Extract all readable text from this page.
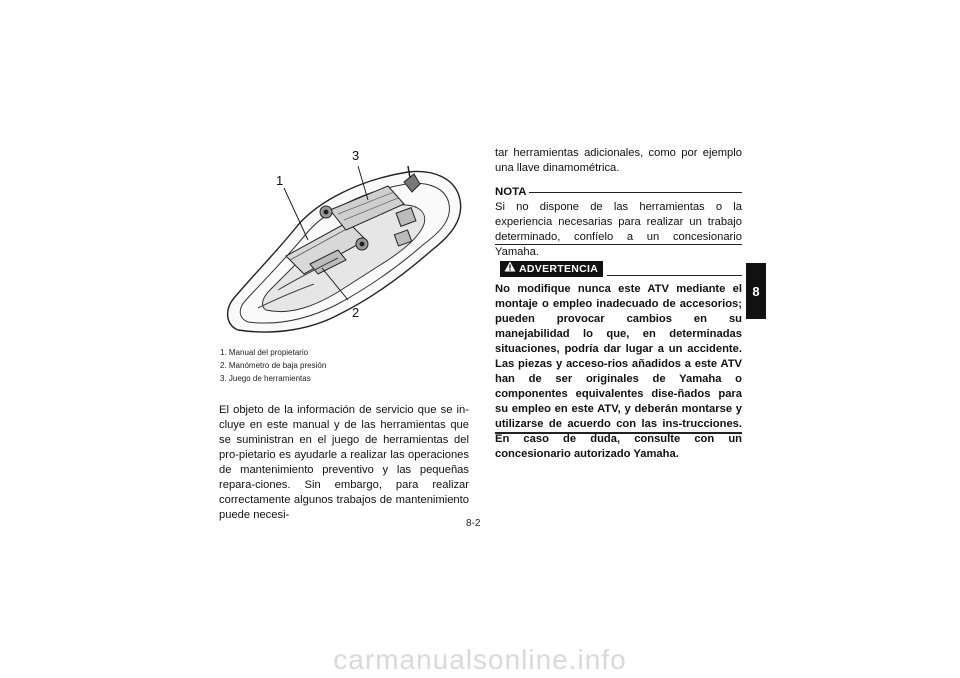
1
3
2
1. Manual del propietario
2. Manómetro de baja presión
3. Juego de herramientas
El objeto de la información de servicio que se in-cluye en este manual y de las herramientas que se suministran en el juego de herramientas del pro-pietario es ayudarle a realizar las operaciones de mantenimiento preventivo y las pequeñas repara-ciones. Sin embargo, para realizar correctamente algunos trabajos de mantenimiento puede necesi-
tar herramientas adicionales, como por ejemplo una llave dinamométrica.
NOTA
Si no dispone de las herramientas o la experiencia necesarias para realizar un trabajo determinado, confíelo a un concesionario Yamaha.
ADVERTENCIA
No modifique nunca este ATV mediante el montaje o empleo inadecuado de accesorios; pueden provocar cambios en su manejabilidad lo que, en determinadas situaciones, podría dar lugar a un accidente. Las piezas y acceso-rios añadidos a este ATV han de ser originales de Yamaha o componentes equivalentes dise-ñados para su empleo en este ATV, y deberán montarse y utilizarse de acuerdo con las ins-trucciones. En caso de duda, consulte con un concesionario autorizado Yamaha.
8-2
8
carmanualsonline.info
